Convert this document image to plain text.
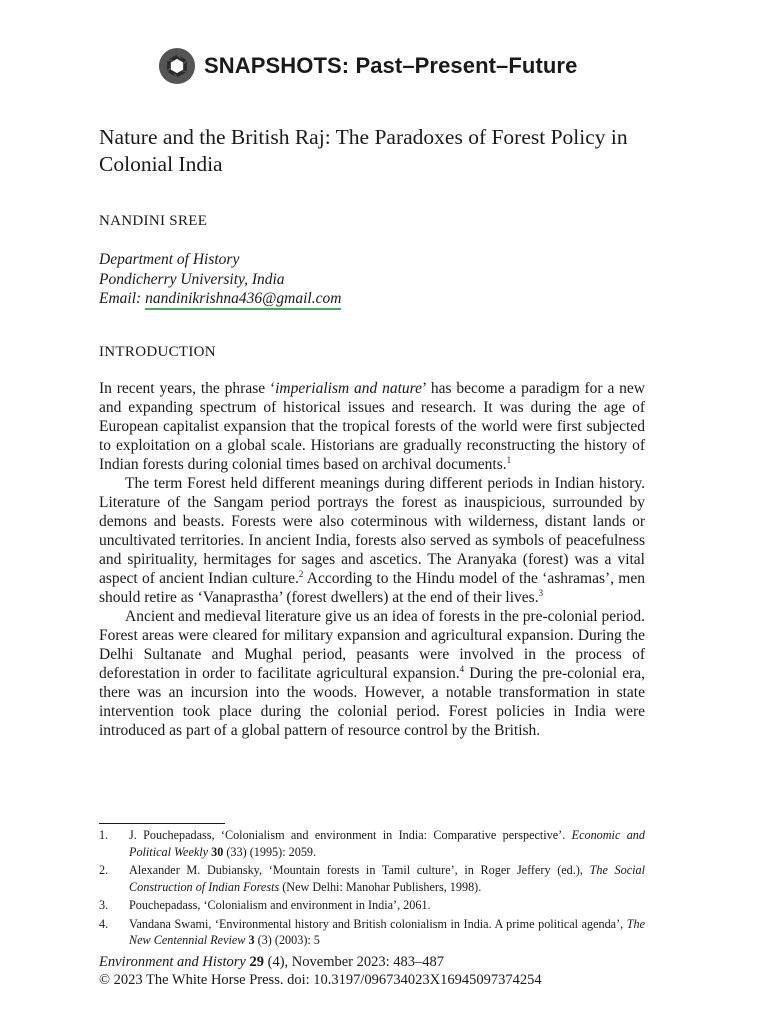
SNAPSHOTS: Past–Present–Future
Nature and the British Raj: The Paradoxes of Forest Policy in Colonial India
NANDINI SREE
Department of History
Pondicherry University, India
Email: nandinikrishna436@gmail.com
INTRODUCTION

In recent years, the phrase ‘imperialism and nature’ has become a paradigm for a new and expanding spectrum of historical issues and research. It was during the age of European capitalist expansion that the tropical forests of the world were first subjected to exploitation on a global scale. Historians are gradually reconstructing the history of Indian forests during colonial times based on archival documents.$^1$

The term Forest held different meanings during different periods in Indian history. Literature of the Sangam period portrays the forest as inauspicious, surrounded by demons and beasts. Forests were also coterminous with wilderness, distant lands or uncultivated territories. In ancient India, forests also served as symbols of peacefulness and spirituality, hermitages for sages and ascetics. The Aranyaka (forest) was a vital aspect of ancient Indian culture.$^2$ According to the Hindu model of the ‘ashramas’, men should retire as ‘Vanaprastha’ (forest dwellers) at the end of their lives.$^3$

Ancient and medieval literature give us an idea of forests in the pre-colonial period. Forest areas were cleared for military expansion and agricultural expansion. During the Delhi Sultanate and Mughal period, peasants were involved in the process of deforestation in order to facilitate agricultural expansion.$^4$ During the pre-colonial era, there was an incursion into the woods. However, a notable transformation in state intervention took place during the colonial period. Forest policies in India were introduced as part of a global pattern of resource control by the British.

1.	J. Pouchepadass, ‘Colonialism and environment in India: Comparative perspective’. Economic and Political Weekly 30 (33) (1995): 2059.
2.	Alexander M. Dubiansky, ‘Mountain forests in Tamil culture’, in Roger Jeffery (ed.), The Social Construction of Indian Forests (New Delhi: Manohar Publishers, 1998).
3.	Pouchepadass, ‘Colonialism and environment in India’, 2061.
4.	Vandana Swami, ‘Environmental history and British colonialism in India. A prime political agenda’, The New Centennial Review 3 (3) (2003): 5
Environment and History 29 (4), November 2023: 483–487
© 2023 The White Horse Press. doi: 10.3197/096734023X16945097374254
